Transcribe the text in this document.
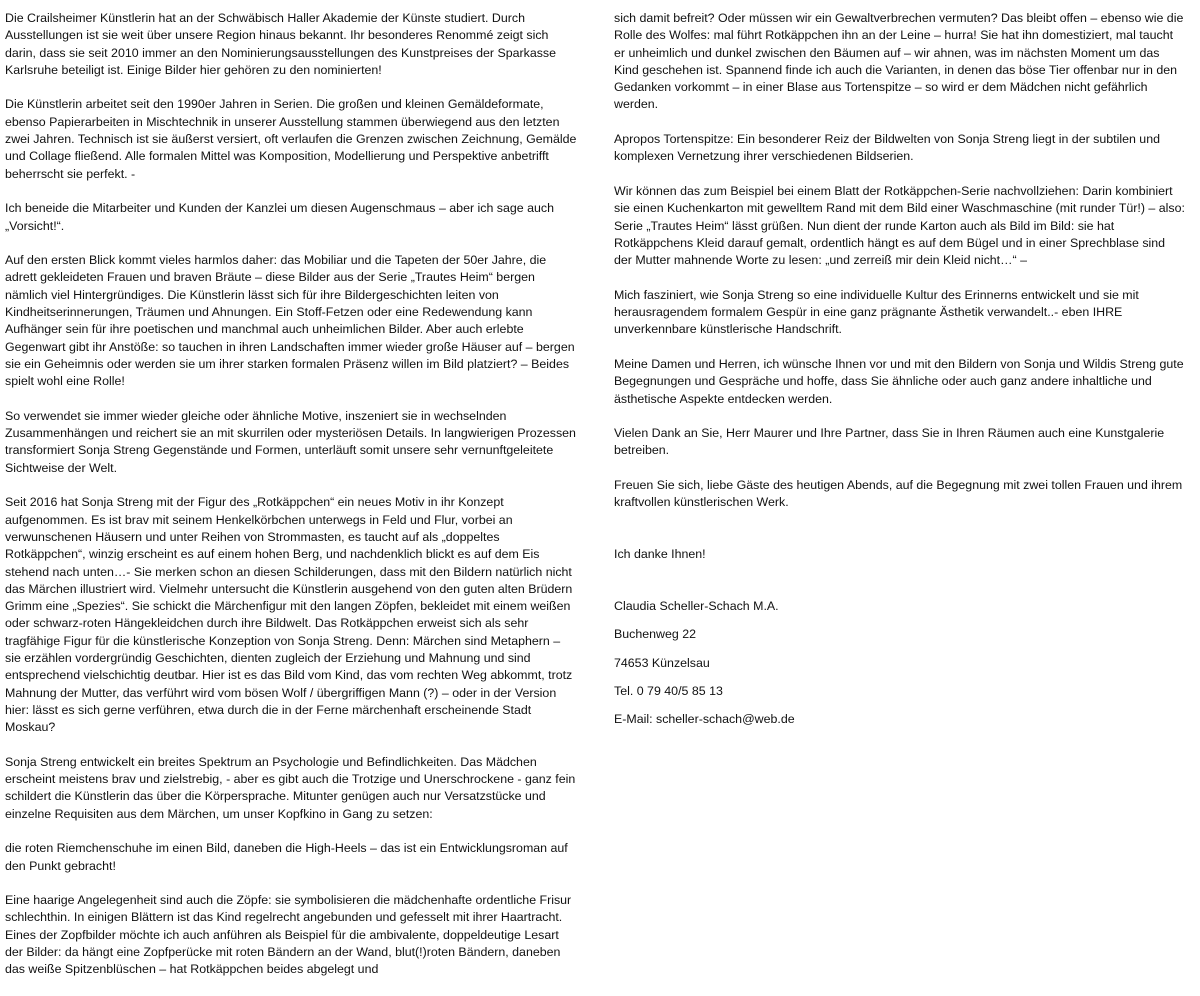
Die Crailsheimer Künstlerin hat an der Schwäbisch Haller Akademie der Künste studiert. Durch Ausstellungen ist sie weit über unsere Region hinaus bekannt. Ihr besonderes Renommé zeigt sich darin, dass sie seit 2010 immer an den Nominierungsausstellungen des Kunstpreises der Sparkasse Karlsruhe beteiligt ist. Einige Bilder hier gehören zu den nominierten!

Die Künstlerin arbeitet seit den 1990er Jahren in Serien. Die großen und kleinen Gemäldeformate, ebenso Papierarbeiten in Mischtechnik in unserer Ausstellung stammen überwiegend aus den letzten zwei Jahren. Technisch ist sie äußerst versiert, oft verlaufen die Grenzen zwischen Zeichnung, Gemälde und Collage fließend. Alle formalen Mittel was Komposition, Modellierung und Perspektive anbetrifft beherrscht sie perfekt. -

Ich beneide die Mitarbeiter und Kunden der Kanzlei um diesen Augenschmaus – aber ich sage auch „Vorsicht!“.

Auf den ersten Blick kommt vieles harmlos daher: das Mobiliar und die Tapeten der 50er Jahre, die adrett gekleideten Frauen und braven Bräute – diese Bilder aus der Serie „Trautes Heim“ bergen nämlich viel Hintergründiges. Die Künstlerin lässt sich für ihre Bildergeschichten leiten von Kindheitserinnerungen, Träumen und Ahnungen. Ein Stoff-Fetzen oder eine Redewendung kann Aufhänger sein für ihre poetischen und manchmal auch unheimlichen Bilder. Aber auch erlebte Gegenwart gibt ihr Anstöße: so tauchen in ihren Landschaften immer wieder große Häuser auf – bergen sie ein Geheimnis oder werden sie um ihrer starken formalen Präsenz willen im Bild platziert? – Beides spielt wohl eine Rolle!

So verwendet sie immer wieder gleiche oder ähnliche Motive, inszeniert sie in wechselnden Zusammenhängen und reichert sie an mit skurrilen oder mysteriösen Details. In langwierigen Prozessen transformiert Sonja Streng Gegenstände und Formen, unterläuft somit unsere sehr vernunftgeleitete Sichtweise der Welt.

Seit 2016 hat Sonja Streng mit der Figur des „Rotkäppchen“ ein neues Motiv in ihr Konzept aufgenommen. Es ist brav mit seinem Henkelkörbchen unterwegs in Feld und Flur, vorbei an verwunschenen Häusern und unter Reihen von Strommasten, es taucht auf als „doppeltes Rotkäppchen“, winzig erscheint es auf einem hohen Berg, und nachdenklich blickt es auf dem Eis stehend nach unten…- Sie merken schon an diesen Schilderungen, dass mit den Bildern natürlich nicht das Märchen illustriert wird. Vielmehr untersucht die Künstlerin ausgehend von den guten alten Brüdern Grimm eine „Spezies“. Sie schickt die Märchenfigur mit den langen Zöpfen, bekleidet mit einem weißen oder schwarz-roten Hängekleidchen durch ihre Bildwelt. Das Rotkäppchen erweist sich als sehr tragfähige Figur für die künstlerische Konzeption von Sonja Streng. Denn: Märchen sind Metaphern – sie erzählen vordergründig Geschichten, dienten zugleich der Erziehung und Mahnung und sind entsprechend vielschichtig deutbar. Hier ist es das Bild vom Kind, das vom rechten Weg abkommt, trotz Mahnung der Mutter, das verführt wird vom bösen Wolf / übergriffigen Mann (?) – oder in der Version hier: lässt es sich gerne verführen, etwa durch die in der Ferne märchenhaft erscheinende Stadt Moskau?

Sonja Streng entwickelt ein breites Spektrum an Psychologie und Befindlichkeiten. Das Mädchen erscheint meistens brav und zielstrebig, - aber es gibt auch die Trotzige und Unerschrockene - ganz fein schildert die Künstlerin das über die Körpersprache. Mitunter genügen auch nur Versatzstücke und einzelne Requisiten aus dem Märchen, um unser Kopfkino in Gang zu setzen:

die roten Riemchenschuhe im einen Bild, daneben die High-Heels – das ist ein Entwicklungsroman auf den Punkt gebracht!

Eine haarige Angelegenheit sind auch die Zöpfe: sie symbolisieren die mädchenhafte ordentliche Frisur schlechthin. In einigen Blättern ist das Kind regelrecht angebunden und gefesselt mit ihrer Haartracht. Eines der Zopfbilder möchte ich auch anführen als Beispiel für die ambivalente, doppeldeutige Lesart der Bilder: da hängt eine Zopfperücke mit roten Bändern an der Wand, blut(!)roten Bändern, daneben das weiße Spitzenblüschen – hat Rotkäppchen beides abgelegt und

sich damit befreit? Oder müssen wir ein Gewaltverbrechen vermuten? Das bleibt offen – ebenso wie die Rolle des Wolfes: mal führt Rotkäppchen ihn an der Leine – hurra! Sie hat ihn domestiziert, mal taucht er unheimlich und dunkel zwischen den Bäumen auf – wir ahnen, was im nächsten Moment um das Kind geschehen ist. Spannend finde ich auch die Varianten, in denen das böse Tier offenbar nur in den Gedanken vorkommt – in einer Blase aus Tortenspitze – so wird er dem Mädchen nicht gefährlich werden.

Apropos Tortenspitze: Ein besonderer Reiz der Bildwelten von Sonja Streng liegt in der subtilen und komplexen Vernetzung ihrer verschiedenen Bildserien.

Wir können das zum Beispiel bei einem Blatt der Rotkäppchen-Serie nachvollziehen: Darin kombiniert sie einen Kuchenkarton mit gewelltem Rand mit dem Bild einer Waschmaschine (mit runder Tür!) – also: Serie „Trautes Heim“ lässt grüßen. Nun dient der runde Karton auch als Bild im Bild: sie hat Rotkäppchens Kleid darauf gemalt, ordentlich hängt es auf dem Bügel und in einer Sprechblase sind der Mutter mahnende Worte zu lesen: „und zerreiß mir dein Kleid nicht…“ –

Mich fasziniert, wie Sonja Streng so eine individuelle Kultur des Erinnerns entwickelt und sie mit herausragendem formalem Gespür in eine ganz prägnante Ästhetik verwandelt..- eben IHRE unverkennbare künstlerische Handschrift.

Meine Damen und Herren, ich wünsche Ihnen vor und mit den Bildern von Sonja und Wildis Streng gute Begegnungen und Gespräche und hoffe, dass Sie ähnliche oder auch ganz andere inhaltliche und ästhetische Aspekte entdecken werden.

Vielen Dank an Sie, Herr Maurer und Ihre Partner, dass Sie in Ihren Räumen auch eine Kunstgalerie betreiben.

Freuen Sie sich, liebe Gäste des heutigen Abends, auf die Begegnung mit zwei tollen Frauen und ihrem kraftvollen künstlerischen Werk.

Ich danke Ihnen!

Claudia Scheller-Schach M.A.

Buchenweg 22

74653 Künzelsau

Tel. 0 79 40/5 85 13

E-Mail: scheller-schach@web.de
